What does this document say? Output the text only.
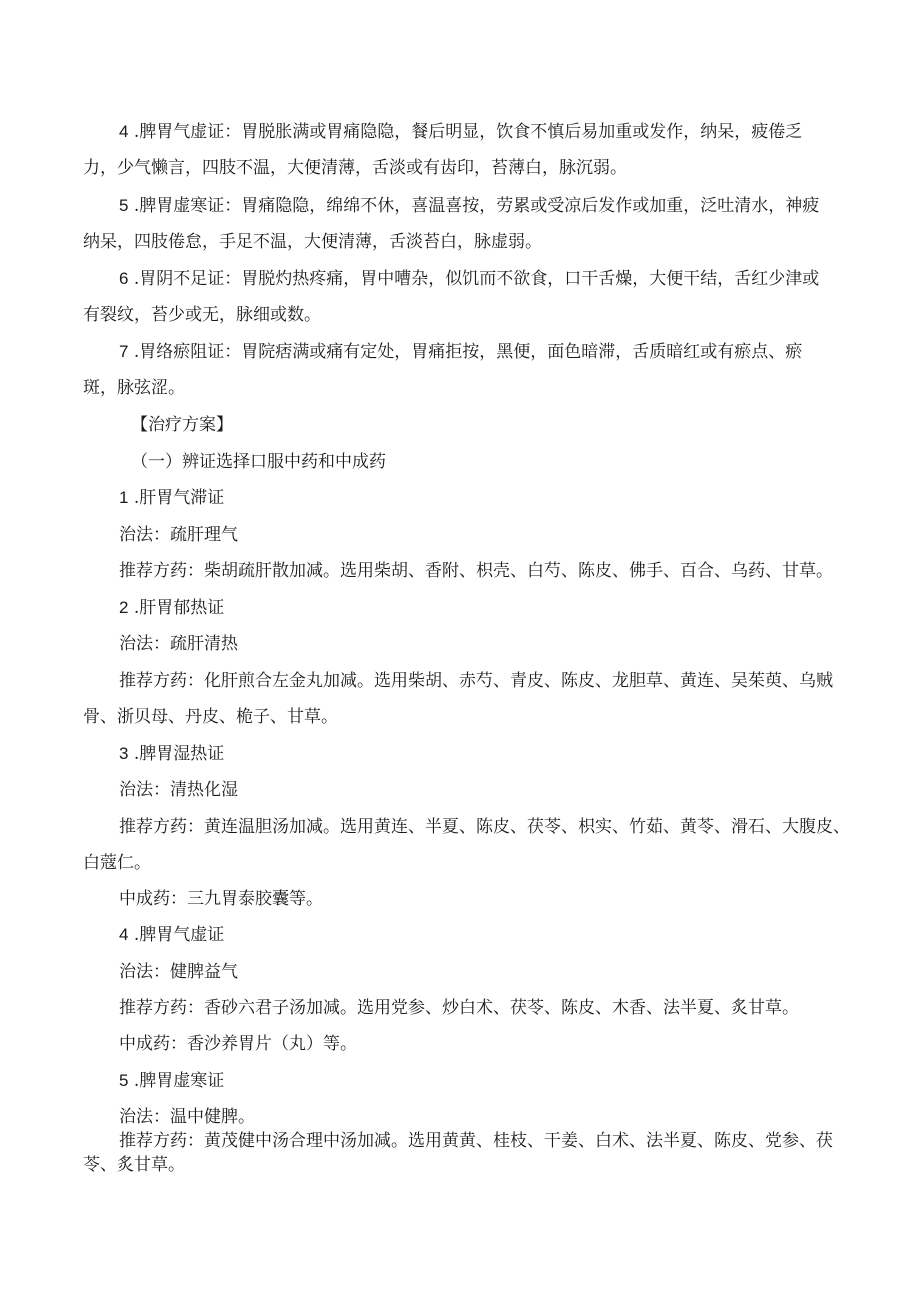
4 .脾胃气虚证：胃脱胀满或胃痛隐隐，餐后明显，饮食不慎后易加重或发作，纳呆，疲倦乏
力，少气懒言，四肢不温，大便清薄，舌淡或有齿印，苔薄白，脉沉弱。
5 .脾胃虚寒证：胃痛隐隐，绵绵不休，喜温喜按，劳累或受凉后发作或加重，泛吐清水，神疲
纳呆，四肢倦怠，手足不温，大便清薄，舌淡苔白，脉虚弱。
6 .胃阴不足证：胃脱灼热疼痛，胃中嘈杂，似饥而不欲食，口干舌燥，大便干结，舌红少津或
有裂纹，苔少或无，脉细或数。
7 .胃络瘀阻证：胃院痞满或痛有定处，胃痛拒按，黑便，面色暗滞，舌质暗红或有瘀点、瘀
斑，脉弦涩。
【治疗方案】
（一）辨证选择口服中药和中成药
1 .肝胃气滞证
治法：疏肝理气
推荐方药：柴胡疏肝散加减。选用柴胡、香附、枳壳、白芍、陈皮、佛手、百合、乌药、甘草。
2 .肝胃郁热证
治法：疏肝清热
推荐方药：化肝煎合左金丸加减。选用柴胡、赤芍、青皮、陈皮、龙胆草、黄连、吴茱萸、乌贼
骨、浙贝母、丹皮、桅子、甘草。
3 .脾胃湿热证
治法：清热化湿
推荐方药：黄连温胆汤加减。选用黄连、半夏、陈皮、茯苓、枳实、竹茹、黄苓、滑石、大腹皮、
白蔻仁。
中成药：三九胃泰胶囊等。
4 .脾胃气虚证
治法：健脾益气
推荐方药：香砂六君子汤加减。选用党参、炒白术、茯苓、陈皮、木香、法半夏、炙甘草。
中成药：香沙养胃片（丸）等。
5 .脾胃虚寒证
治法：温中健脾。
推荐方药：黄茂健中汤合理中汤加减。选用黄黄、桂枝、干姜、白术、法半夏、陈皮、党参、茯
苓、炙甘草。
